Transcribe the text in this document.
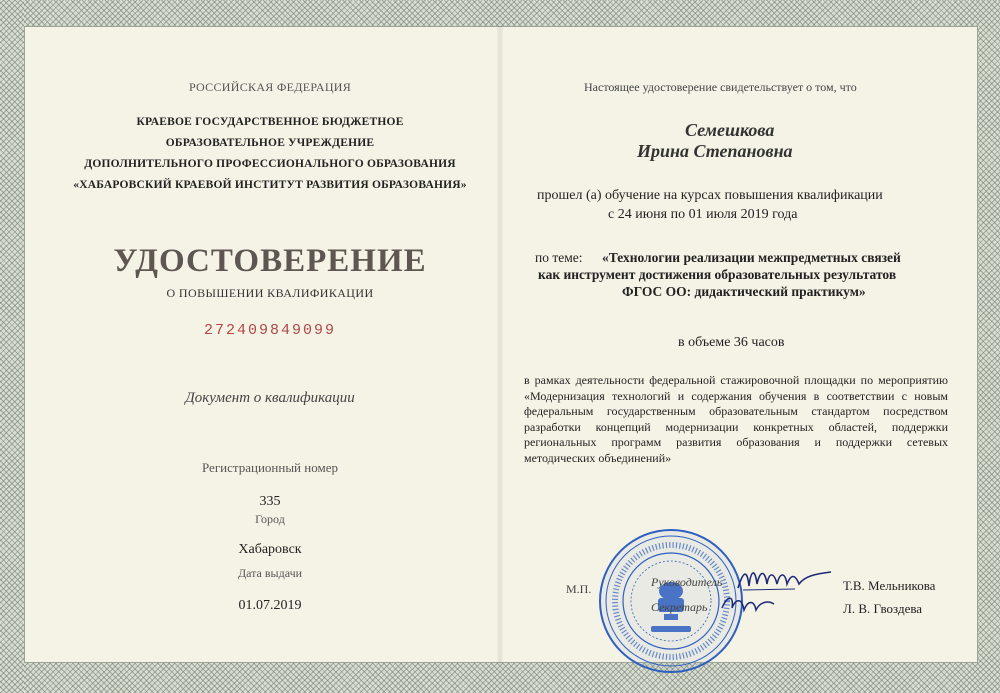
РОССИЙСКАЯ ФЕДЕРАЦИЯ
КРАЕВОЕ ГОСУДАРСТВЕННОЕ БЮДЖЕТНОЕ
ОБРАЗОВАТЕЛЬНОЕ УЧРЕЖДЕНИЕ
ДОПОЛНИТЕЛЬНОГО ПРОФЕССИОНАЛЬНОГО ОБРАЗОВАНИЯ
«ХАБАРОВСКИЙ КРАЕВОЙ ИНСТИТУТ РАЗВИТИЯ ОБРАЗОВАНИЯ»
УДОСТОВЕРЕНИЕ
О ПОВЫШЕНИИ КВАЛИФИКАЦИИ
272409849099
Документ о квалификации
Регистрационный номер
335
Город
Хабаровск
Дата выдачи
01.07.2019
Настоящее удостоверение свидетельствует о том, что
Семешкова
Ирина Степановна
прошел (а) обучение на курсах повышения квалификации
с 24 июня по 01 июля 2019 года
по теме: «Технологии реализации межпредметных связей
как инструмент достижения образовательных результатов
ФГОС ОО: дидактический практикум»
в объеме 36 часов
в рамках деятельности федеральной стажировочной площадки по мероприятию «Модернизация технологий и содержания обучения в соответствии с новым федеральным государственным образовательным стандартом посредством разработки концепций модернизации конкретных областей, поддержки региональных программ развития образования и поддержки сетевых методических объединений»
М.П.	Руководитель
Секретарь
Т.В. Мельникова
Л. В. Гвоздева
